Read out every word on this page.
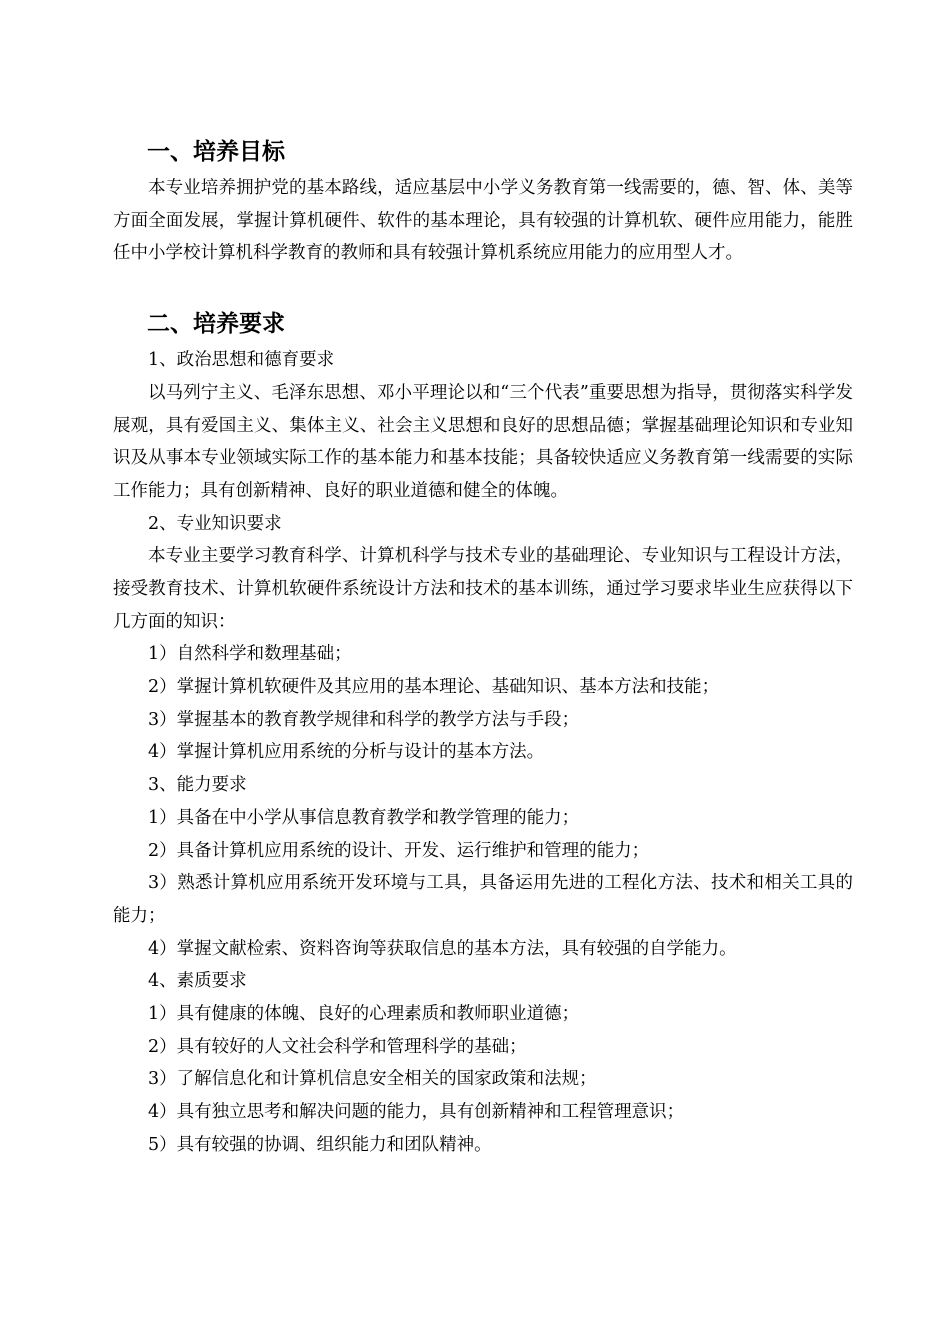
一、培养目标

本专业培养拥护党的基本路线，适应基层中小学义务教育第一线需要的，德、智、体、美等方面全面发展，掌握计算机硬件、软件的基本理论，具有较强的计算机软、硬件应用能力，能胜任中小学校计算机科学教育的教师和具有较强计算机系统应用能力的应用型人才。

二、培养要求
1、政治思想和德育要求

以马列宁主义、毛泽东思想、邓小平理论以和“三个代表”重要思想为指导，贯彻落实科学发展观，具有爱国主义、集体主义、社会主义思想和良好的思想品德；掌握基础理论知识和专业知识及从事本专业领域实际工作的基本能力和基本技能；具备较快适应义务教育第一线需要的实际工作能力；具有创新精神、良好的职业道德和健全的体魄。

2、专业知识要求

本专业主要学习教育科学、计算机科学与技术专业的基础理论、专业知识与工程设计方法，接受教育技术、计算机软硬件系统设计方法和技术的基本训练，通过学习要求毕业生应获得以下几方面的知识：

1）自然科学和数理基础；
2）掌握计算机软硬件及其应用的基本理论、基础知识、基本方法和技能；
3）掌握基本的教育教学规律和科学的教学方法与手段；
4）掌握计算机应用系统的分析与设计的基本方法。
3、能力要求
1）具备在中小学从事信息教育教学和教学管理的能力；
2）具备计算机应用系统的设计、开发、运行维护和管理的能力；

3）熟悉计算机应用系统开发环境与工具，具备运用先进的工程化方法、技术和相关工具的能力；

4）掌握文献检索、资料咨询等获取信息的基本方法，具有较强的自学能力。
4、素质要求
1）具有健康的体魄、良好的心理素质和教师职业道德；
2）具有较好的人文社会科学和管理科学的基础；
3）了解信息化和计算机信息安全相关的国家政策和法规；
4）具有独立思考和解决问题的能力，具有创新精神和工程管理意识；
5）具有较强的协调、组织能力和团队精神。
